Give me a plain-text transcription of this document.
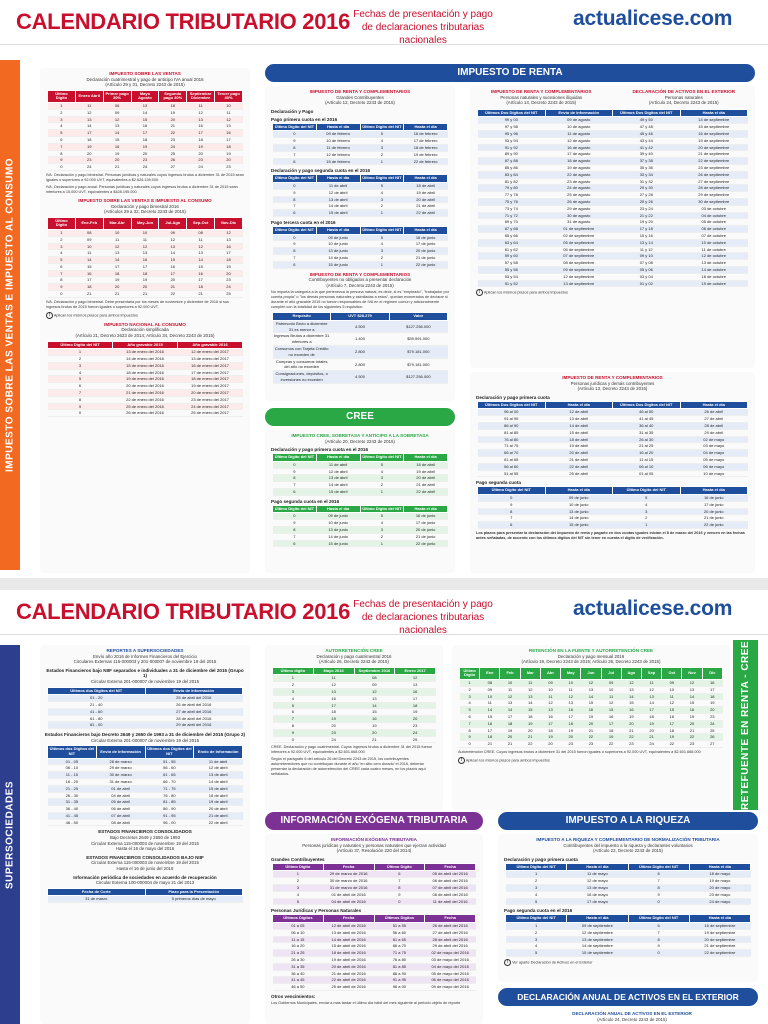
CALENDARIO TRIBUTARIO 2016 Fechas de presentación y pago de declaraciones tributarias nacionales
actualicese.com
IMPUESTO SOBRE LAS VENTAS E IMPUESTO AL CONSUMO
IMPUESTO SOBRE LAS VENTAS
Declaración cuatrimestral y pago de anticipo IVA anual 2016
(Artículo 29 y 31, Decreto 2243 de 2015)
Último Dígito	Enero Abril	Primer pago 30%	Mayo Agosto	Segundo pago 30%	Septiembre Diciembre	Tercer pago 40%
1	11	06	13	18	11	10
2	12	09	14	19	12	11
3	13	12	15	20	13	12
4	14	13	16	21	16	13
5	17	14	17	22	17	16
6	18	15	18	23	18	17
7	19	16	19	24	19	18
8	20	19	20	25	20	19
9	23	20	23	26	23	20
0	24	21	24	27	24	23
IVA. Declaración y pago bimestral. Personas jurídicas y naturales cuyos ingresos brutos a diciembre 31 de 2015 sean iguales o superiores a 92.000 UVT, equivalentes a $2.626.139.000.
IVA. Declaración y pago anual. Personas jurídicas y naturales cuyos ingresos brutos a diciembre 31 de 2015 sean inferiores a 15.000 UVT, equivalentes a $428.195.000.
IMPUESTO SOBRE LAS VENTAS E IMPUESTO AL CONSUMO
Declaración y pago bimestral 2016
(Artículos 29 a 32, Decreto 2243 de 2015)
Último Dígito	Ene-Feb	Mar-Abr	May-Jun	Jul-Ago	Sep-Oct	Nov-Dic
1	08	10	10	09	08	12
2	09	11	11	12	11	13
3	10	12	12	13	12	16
4	11	13	13	14	13	17
5	14	14	16	15	14	18
6	15	17	17	16	15	19
7	16	18	18	17	16	20
8	17	19	19	20	17	23
9	18	20	20	21	18	24
0	21	21	21	22	21	25
IVA. Declaración y pago bimestral. Debe presentarla por los meses de noviembre y diciembre de 2016 si sus ingresos brutos de 2015 fueron iguales o superiores a 92.000 UVT.
! Aplican los mismos plazos para ambos impuestos
IMPUESTO NACIONAL AL CONSUMO
Declaración simplificada
(Artículo 21, Decreto 2623 de 2014; Artículo 34, Decreto 2243 de 2015)
Último Dígito del NIT	Año gravable 2015	Año gravable 2016
1	13 de enero del 2016	12 de enero del 2017
2	14 de enero del 2016	13 de enero del 2017
3	15 de enero del 2016	16 de enero del 2017
4	18 de enero del 2016	17 de enero del 2017
5	19 de enero del 2016	18 de enero del 2017
6	20 de enero del 2016	19 de enero del 2017
7	21 de enero del 2016	20 de enero del 2017
8	22 de enero del 2016	23 de enero del 2017
9	25 de enero del 2016	24 de enero del 2017
0	26 de enero del 2016	25 de enero del 2017
IMPUESTO DE RENTA
IMPUESTO DE RENTA Y COMPLEMENTARIOS
Grandes Contribuyentes
(Artículo 12, Decreto 2243 de 2015)
Declaración y Pago
Pago primera cuota en el 2016
Último Dígito del NIT	Hasta el día	Último Dígito del NIT	Hasta el día
0	09 de febrero	5	16 de febrero
9	10 de febrero	4	17 de febrero
8	11 de febrero	3	18 de febrero
7	12 de febrero	2	19 de febrero
6	15 de febrero	1	22 de febrero
Declaración y pago segunda cuota en el 2016
Último Dígito del NIT	Hasta el día	Último Dígito del NIT	Hasta el día
0	11 de abril	5	18 de abril
9	12 de abril	4	19 de abril
8	13 de abril	3	20 de abril
7	14 de abril	2	21 de abril
6	15 de abril	1	22 de abril
Pago tercera cuota en el 2016
Último Dígito del NIT	Hasta el día	Último Dígito del NIT	Hasta el día
0	09 de junio	5	16 de junio
9	10 de junio	4	17 de junio
8	13 de junio	3	20 de junio
7	14 de junio	2	21 de junio
6	15 de junio	1	22 de junio
IMPUESTO DE RENTA Y COMPLEMENTARIOS
Contribuyentes no obligados a presentar declaración
(Artículo 7, Decreto 2243 de 2015)
No importa la categoría a la que pertenezca la persona natural, es decir, si es "empleado", "trabajador por cuenta propia" o "los demás personas naturales y asimiladas a estos", quedan exonerados de declarar si durante el año gravable 2015 no fueron responsables de IVA en el régimen común y adicionalmente cumplen con la totalidad de los siguientes 5 requisitos:
Requisito	UVT $28.279	Valor
Patrimonio Bruto a diciembre 31 es menor a	4.500	$127.256.000
Ingresos Brutos a diciembre 31 inferiores a	1.400	$39.591.000
Consumos con Tarjeta Crédito no exceden de	2.800	$79.181.000
Compras y consumos totales del año no exceden	2.800	$79.181.000
Consignaciones, depósitos, o inversiones no exceden	4.500	$127.256.000
IMPUESTO DE RENTA Y COMPLEMENTARIOS
Personas naturales y sucesiones ilíquidas
(Artículo 14, Decreto 2243 de 2015)
DECLARACIÓN DE ACTIVOS EN EL EXTERIOR
Personas naturales
(Artículo 24, Decreto 2243 de 2015)
Últimos Dos Dígitos del NIT	Envío de Información	Últimos Dos Dígitos del NIT	Hasta el día
99 y 00	09 de agosto	49 y 50	14 de septiembre
97 y 98	10 de agosto	47 y 48	15 de septiembre
95 y 96	11 de agosto	45 y 46	16 de septiembre
93 y 94	12 de agosto	43 y 44	19 de septiembre
91 y 92	16 de agosto	41 y 42	20 de septiembre
89 y 90	17 de agosto	39 y 40	21 de septiembre
87 y 88	18 de agosto	37 y 38	22 de septiembre
85 y 86	19 de agosto	35 y 36	23 de septiembre
83 y 84	22 de agosto	33 y 34	26 de septiembre
81 y 82	23 de agosto	31 y 32	27 de septiembre
79 y 80	24 de agosto	29 y 30	28 de septiembre
77 y 78	25 de agosto	27 y 28	29 de septiembre
75 y 76	26 de agosto	25 y 26	30 de septiembre
73 y 74	29 de agosto	23 y 24	03 de octubre
71 y 72	30 de agosto	21 y 22	04 de octubre
69 y 70	31 de agosto	19 y 20	05 de octubre
67 y 68	01 de septiembre	17 y 18	06 de octubre
65 y 66	02 de septiembre	15 y 16	07 de octubre
63 y 64	05 de septiembre	13 y 14	10 de octubre
61 y 62	06 de septiembre	11 y 12	11 de octubre
59 y 60	07 de septiembre	09 y 10	12 de octubre
57 y 58	08 de septiembre	07 y 08	13 de octubre
55 y 56	09 de septiembre	05 y 06	14 de octubre
53 y 54	12 de septiembre	03 y 04	18 de octubre
51 y 52	13 de septiembre	01 y 02	19 de octubre
! Aplican los mismos plazos para ambos impuestos
CREE
IMPUESTO CREE, SOBRETASA Y ANTICIPO A LA SOBRETASA
(Artículo 20, Decreto 2243 de 2015)
Declaración y pago primera cuota en el 2016
Último Dígito del NIT	Hasta el día	Último Dígito del NIT	Hasta el día
0	11 de abril	5	18 de abril
9	12 de abril	4	19 de abril
8	13 de abril	3	20 de abril
7	14 de abril	2	21 de abril
6	15 de abril	1	22 de abril
Pago segunda cuota en el 2016
Último Dígito del NIT	Hasta el día	Último Dígito del NIT	Hasta el día
0	09 de junio	5	16 de junio
9	10 de junio	4	17 de junio
8	13 de junio	3	20 de junio
7	14 de junio	2	21 de junio
6	15 de junio	1	22 de junio
IMPUESTO DE RENTA Y COMPLEMENTARIOS
Personas jurídicas y demás contribuyentes
(Artículo 13, Decreto 2243 de 2015)
Declaración y pago primera cuota
Últimos Dos Dígitos del NIT	Hasta el día	Últimos Dos Dígitos del NIT	Hasta el día
96 al 00	12 de abril	46 al 50	26 de abril
91 al 95	13 de abril	41 al 45	27 de abril
86 al 90	14 de abril	36 al 40	28 de abril
81 al 85	15 de abril	31 al 35	29 de abril
76 al 80	18 de abril	26 al 30	02 de mayo
71 al 75	19 de abril	21 al 25	03 de mayo
66 al 70	20 de abril	16 al 20	04 de mayo
61 al 65	21 de abril	11 al 15	05 de mayo
56 al 60	22 de abril	06 al 10	06 de mayo
51 al 55	25 de abril	01 al 05	10 de mayo
Pago segunda cuota
Último Dígito del NIT	Hasta el día	Último Dígito del NIT	Hasta el día
0	09 de junio	5	16 de junio
9	10 de junio	4	17 de junio
8	13 de junio	3	20 de junio
7	14 de junio	2	21 de junio
6	15 de junio	1	22 de junio
Los plazos para presentar la declaración del impuesto de renta y pagarlo en dos cuotas iguales inician el 8 de marzo del 2016 y vencen en las fechas antes señaladas, de acuerdo con los últimos dígitos del NIT sin tener en cuenta el dígito de verificación.
CALENDARIO TRIBUTARIO 2016 Fechas de presentación y pago de declaraciones tributarias nacionales
actualicese.com
SUPERSOCIEDADES
RETEFUENTE EN RENTA - CREE
REPORTES A SUPERSOCIEDADES
Envío año 2016 de Informes Financieros del Ejercicio
Circulares Externas 115-000003 y 201-000007 de noviembre 19 del 2015
Estados Financieros bajo NIIF separados e individuales a 31 de diciembre del 2015 (Grupo 1)
Circular Externa 201-000007 de noviembre 19 del 2015
Últimos dos Dígitos del NIT	Envío de Información
01 - 20	25 de abril del 2016
21 - 40	26 de abril del 2016
41 - 60	27 de abril del 2016
61 - 80	28 de abril del 2016
81 - 00	29 de abril del 2016
Estados Financieros bajo Decreto 2649 y 2650 de 1993 a 31 de diciembre del 2015 (Grupo 2)
Circular Externa 201-000007 de noviembre 19 del 2015
Últimos dos Dígitos del NIT	Envío de Información	Últimos dos Dígitos del NIT	Envío de Información
01 - 05	28 de marzo	51 - 55	11 de abril
06 - 10	29 de marzo	56 - 60	12 de abril
11 - 15	30 de marzo	61 - 65	13 de abril
16 - 20	31 de marzo	66 - 70	14 de abril
21 - 25	01 de abril	71 - 75	15 de abril
26 - 30	04 de abril	76 - 80	18 de abril
31 - 35	05 de abril	81 - 85	19 de abril
36 - 40	06 de abril	86 - 90	20 de abril
41 - 45	07 de abril	91 - 95	21 de abril
46 - 50	08 de abril	96 - 00	22 de abril
ESTADOS FINANCIEROS CONSOLIDADOS
Bajo Decretos 2649 y 2650 de 1993
Circular Externa 115-000003 de noviembre 19 del 2015
Hasta el 16 de mayo del 2016
ESTADOS FINANCIEROS CONSOLIDADOS BAJO NIIF
Circular Externa 115-000003 de noviembre 19 del 2015
Hasta el 16 de junio del 2016
Información periódica de sociedades en acuerdo de recuperación
Circular Externa 100-000004 de mayo 21 del 2013
Fecha de Corte	Plazo para la Presentación
31 de marzo	5 primeros días de mayo
AUTORRETENCIÓN CREE
Declaración y pago cuatrimestral 2016
(Artículo 26, Decreto 2243 de 2015)
Último dígito	Mayo 2016	Septiembre 2016	Enero 2017
1	11	08	12
2	12	09	13
3	13	12	16
4	16	13	17
5	17	14	18
6	18	15	19
7	19	16	20
8	20	19	23
9	23	20	24
0	24	21	25
CREE. Declaración y pago cuatrimestral. Cuyos ingresos brutos a diciembre 31 del 2015 fueron inferiores a 92.000 UVT, equivalentes a $2.601.668.000
Según el parágrafo 6 del artículo 26 del Decreto 2243 de 2015, los contribuyentes autorretenedores que no contribuyan durante el año 'en sitio cero dorado' el 2016, deberán presentar la declaración de autorretención del CREE cada cuatro meses, en los plazos aquí señalados.
RETENCIÓN EN LA FUENTE Y AUTORRETENCIÓN CREE
Declaración y pago mensual 2016
(Artículo 19, Decreto 2243 de 2015; Artículo 26, Decreto 2243 de 2015)
Último Dígito	Ene	Feb	Mar	Abr	May	Jun	Jul	Ago	Sep	Oct	Nov	Dic
1	08	10	11	09	10	12	09	12	11	09	12	16
2	09	11	12	10	11	13	10	13	12	10	13	17
3	10	12	13	11	12	14	11	14	13	11	14	18
4	11	13	14	12	13	15	12	15	14	12	15	19
5	14	14	15	13	16	16	15	16	17	15	16	20
6	15	17	18	16	17	19	16	19	18	16	19	23
7	16	18	19	17	18	20	17	20	19	17	20	24
8	17	19	20	18	19	21	18	21	20	18	21	25
9	18	20	21	19	20	22	19	22	21	19	22	26
0	21	21	22	20	23	23	22	23	24	22	23	27
Autorretención CREE. Cuyos ingresos brutos a diciembre 31 del 2015 fueron iguales o superiores a 92.000 UVT, equivalentes a $2.601.668.000
! Aplican los mismos plazos para ambos impuestos
INFORMACIÓN EXÓGENA TRIBUTARIA
INFORMACIÓN EXÓGENA TRIBUTARIA
Personas jurídicas y naturales y personas naturales que ejerzan actividad
(Artículo 37, Resolución 220 del 2014)
Grandes Contribuyentes
Último Dígito	Fecha	Último Dígito	Fecha
1	29 de marzo de 2016	6	05 de abril del 2016
2	30 de marzo de 2016	7	06 de abril del 2016
3	31 de marzo de 2016	8	07 de abril del 2016
4	01 de abril de 2016	9	08 de abril del 2016
5	04 de abril de 2016	0	11 de abril del 2016
Personas Jurídicas y Personas Naturales
Últimos Dígitos	Fecha	Últimos Dígitos	Fecha
01 a 05	12 de abril de 2016	51 a 55	26 de abril del 2016
06 a 10	13 de abril de 2016	56 a 60	27 de abril del 2016
11 a 15	14 de abril de 2016	61 a 65	28 de abril del 2016
16 a 20	15 de abril de 2016	66 a 70	29 de abril del 2016
21 a 25	18 de abril de 2016	71 a 75	02 de mayo del 2016
26 a 30	19 de abril de 2016	76 a 80	03 de mayo del 2016
31 a 35	20 de abril de 2016	81 a 85	04 de mayo del 2016
36 a 40	21 de abril de 2016	86 a 90	05 de mayo del 2016
41 a 45	22 de abril de 2016	91 a 95	06 de mayo del 2016
46 a 50	25 de abril de 2016	96 a 00	09 de mayo del 2016
Otros vencimientos:
Los Gobiernos Municipales, enviar a más tardar el último día hábil del mes siguiente al periodo objeto de reporte
IMPUESTO A LA RIQUEZA
IMPUESTO A LA RIQUEZA Y COMPLEMENTARIO DE NORMALIZACIÓN TRIBUTARIA
Contribuyentes del impuesto a la riqueza y declarantes voluntarios
(Artículo 22, Decreto 2243 de 2015)
Declaración y pago primera cuota
Último Dígito del NIT	Hasta el día	Último Dígito del NIT	Hasta el día
1	11 de mayo	6	18 de mayo
2	12 de mayo	7	19 de mayo
3	13 de mayo	8	20 de mayo
4	16 de mayo	9	23 de mayo
5	17 de mayo	0	24 de mayo
Pago segunda cuota en el 2016
Último Dígito del NIT	Hasta el día	Último Dígito del NIT	Hasta el día
1	09 de septiembre	6	16 de septiembre
2	12 de septiembre	7	19 de septiembre
3	13 de septiembre	8	20 de septiembre
4	14 de septiembre	9	21 de septiembre
5	15 de septiembre	0	22 de septiembre
! Ver aparte Declaración de Activos en el Exterior
DECLARACIÓN ANUAL DE ACTIVOS EN EL EXTERIOR
DECLARACIÓN ANUAL DE ACTIVOS EN EL EXTERIOR
(Artículo 24, Decreto 2243 de 2015)
